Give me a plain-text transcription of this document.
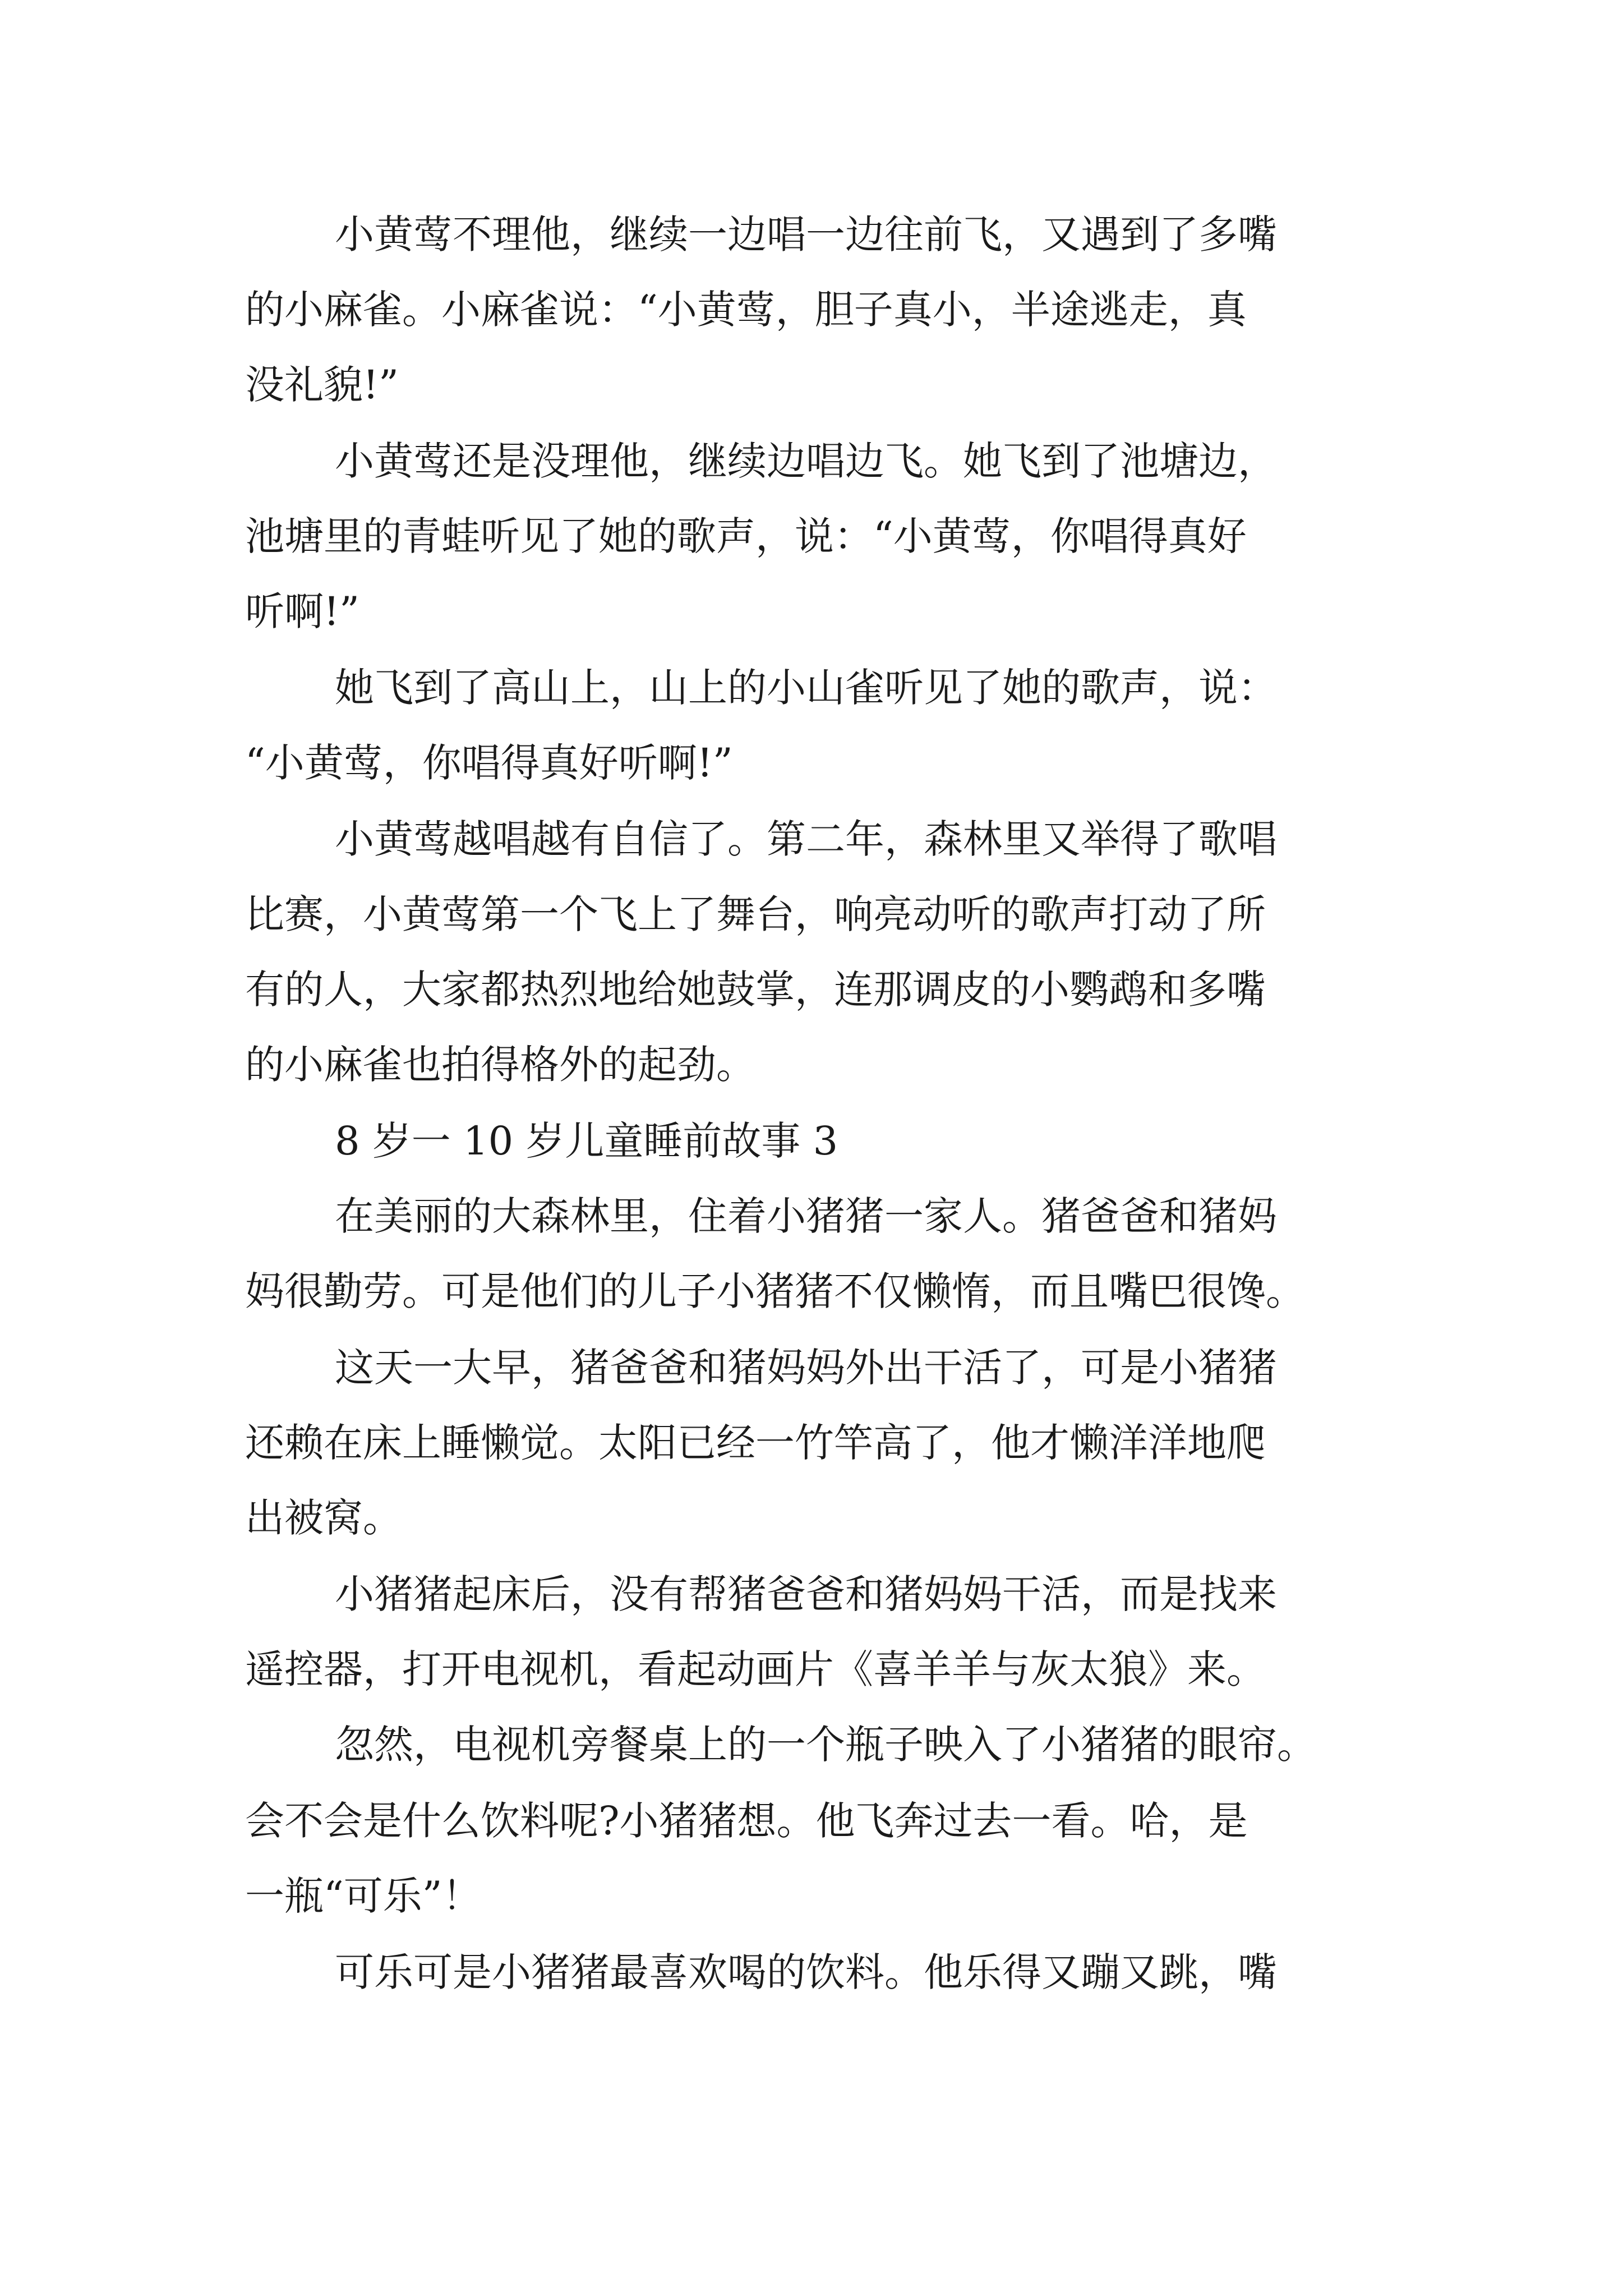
小黄莺不理他，继续一边唱一边往前飞，又遇到了多嘴
的小麻雀。小麻雀说：“小黄莺，胆子真小，半途逃走，真
没礼貌!”
小黄莺还是没理他，继续边唱边飞。她飞到了池塘边，
池塘里的青蛙听见了她的歌声，说：“小黄莺，你唱得真好
听啊!”
她飞到了高山上，山上的小山雀听见了她的歌声，说：
“小黄莺，你唱得真好听啊!”
小黄莺越唱越有自信了。第二年，森林里又举得了歌唱
比赛，小黄莺第一个飞上了舞台，响亮动听的歌声打动了所
有的人，大家都热烈地给她鼓掌，连那调皮的小鹦鹉和多嘴
的小麻雀也拍得格外的起劲。
8 岁一 10 岁儿童睡前故事 3
在美丽的大森林里，住着小猪猪一家人。猪爸爸和猪妈
妈很勤劳。可是他们的儿子小猪猪不仅懒惰，而且嘴巴很馋。
这天一大早，猪爸爸和猪妈妈外出干活了，可是小猪猪
还赖在床上睡懒觉。太阳已经一竹竿高了，他才懒洋洋地爬
出被窝。
小猪猪起床后，没有帮猪爸爸和猪妈妈干活，而是找来
遥控器，打开电视机，看起动画片《喜羊羊与灰太狼》来。
忽然，电视机旁餐桌上的一个瓶子映入了小猪猪的眼帘。
会不会是什么饮料呢?小猪猪想。他飞奔过去一看。哈，是
一瓶“可乐”！
可乐可是小猪猪最喜欢喝的饮料。他乐得又蹦又跳，嘴
